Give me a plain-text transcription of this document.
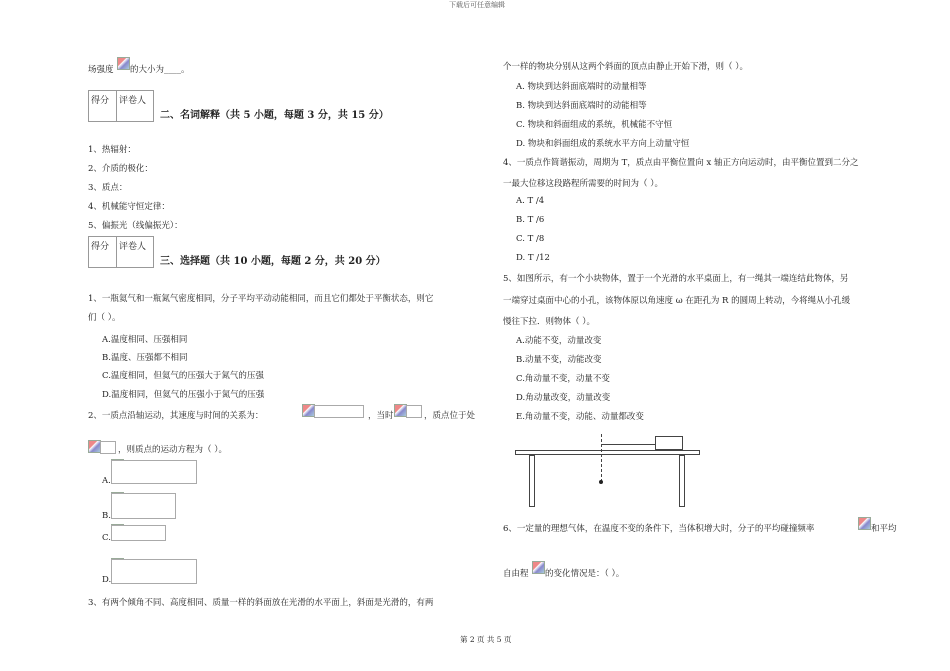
下载后可任意编辑
场强度 的大小为____。
得分	评卷人
二、名词解释（共 5 小题，每题 3 分，共 15 分）
1、热辐射：
2、介质的极化：
3、质点：
4、机械能守恒定律：
5、偏振光（线偏振光）：
得分	评卷人
三、选择题（共 10 小题，每题 2 分，共 20 分）
1、一瓶氦气和一瓶氮气密度相同，分子平均平动动能相同，而且它们都处于平衡状态，则它
们（ ）。
A.温度相同、压强相同
B.温度、压强都不相同
C.温度相同，但氦气的压强大于氮气的压强
D.温度相同，但氦气的压强小于氮气的压强
2、一质点沿轴运动，其速度与时间的关系为：	，当时	，质点位于处
，则质点的运动方程为（ ）。
A.
B.
C.
D.
3、有两个倾角不同、高度相同、质量一样的斜面放在光滑的水平面上，斜面是光滑的，有两
个一样的物块分别从这两个斜面的顶点由静止开始下滑，则（ ）。
A. 物块到达斜面底端时的动量相等
B. 物块到达斜面底端时的动能相等
C. 物块和斜面组成的系统，机械能不守恒
D. 物块和斜面组成的系统水平方向上动量守恒
4、一质点作简谐振动，周期为 T，质点由平衡位置向 x 轴正方向运动时，由平衡位置到二分之
一最大位移这段路程所需要的时间为（ ）。
A. T /4
B. T /6
C. T /8
D. T /12
5、如图所示，有一个小块物体，置于一个光滑的水平桌面上，有一绳其一端连结此物体，另
一端穿过桌面中心的小孔，该物体原以角速度 ω 在距孔为 R 的圆周上转动，今将绳从小孔缓
慢往下拉．则物体（ ）。
A.动能不变，动量改变
B.动量不变，动能改变
C.角动量不变，动量不变
D.角动量改变，动量改变
E.角动量不变，动能、动量都改变
6、一定量的理想气体，在温度不变的条件下，当体积增大时，分子的平均碰撞频率	和平均
自由程 的变化情况是：（ ）。
第 2 页 共 5 页
